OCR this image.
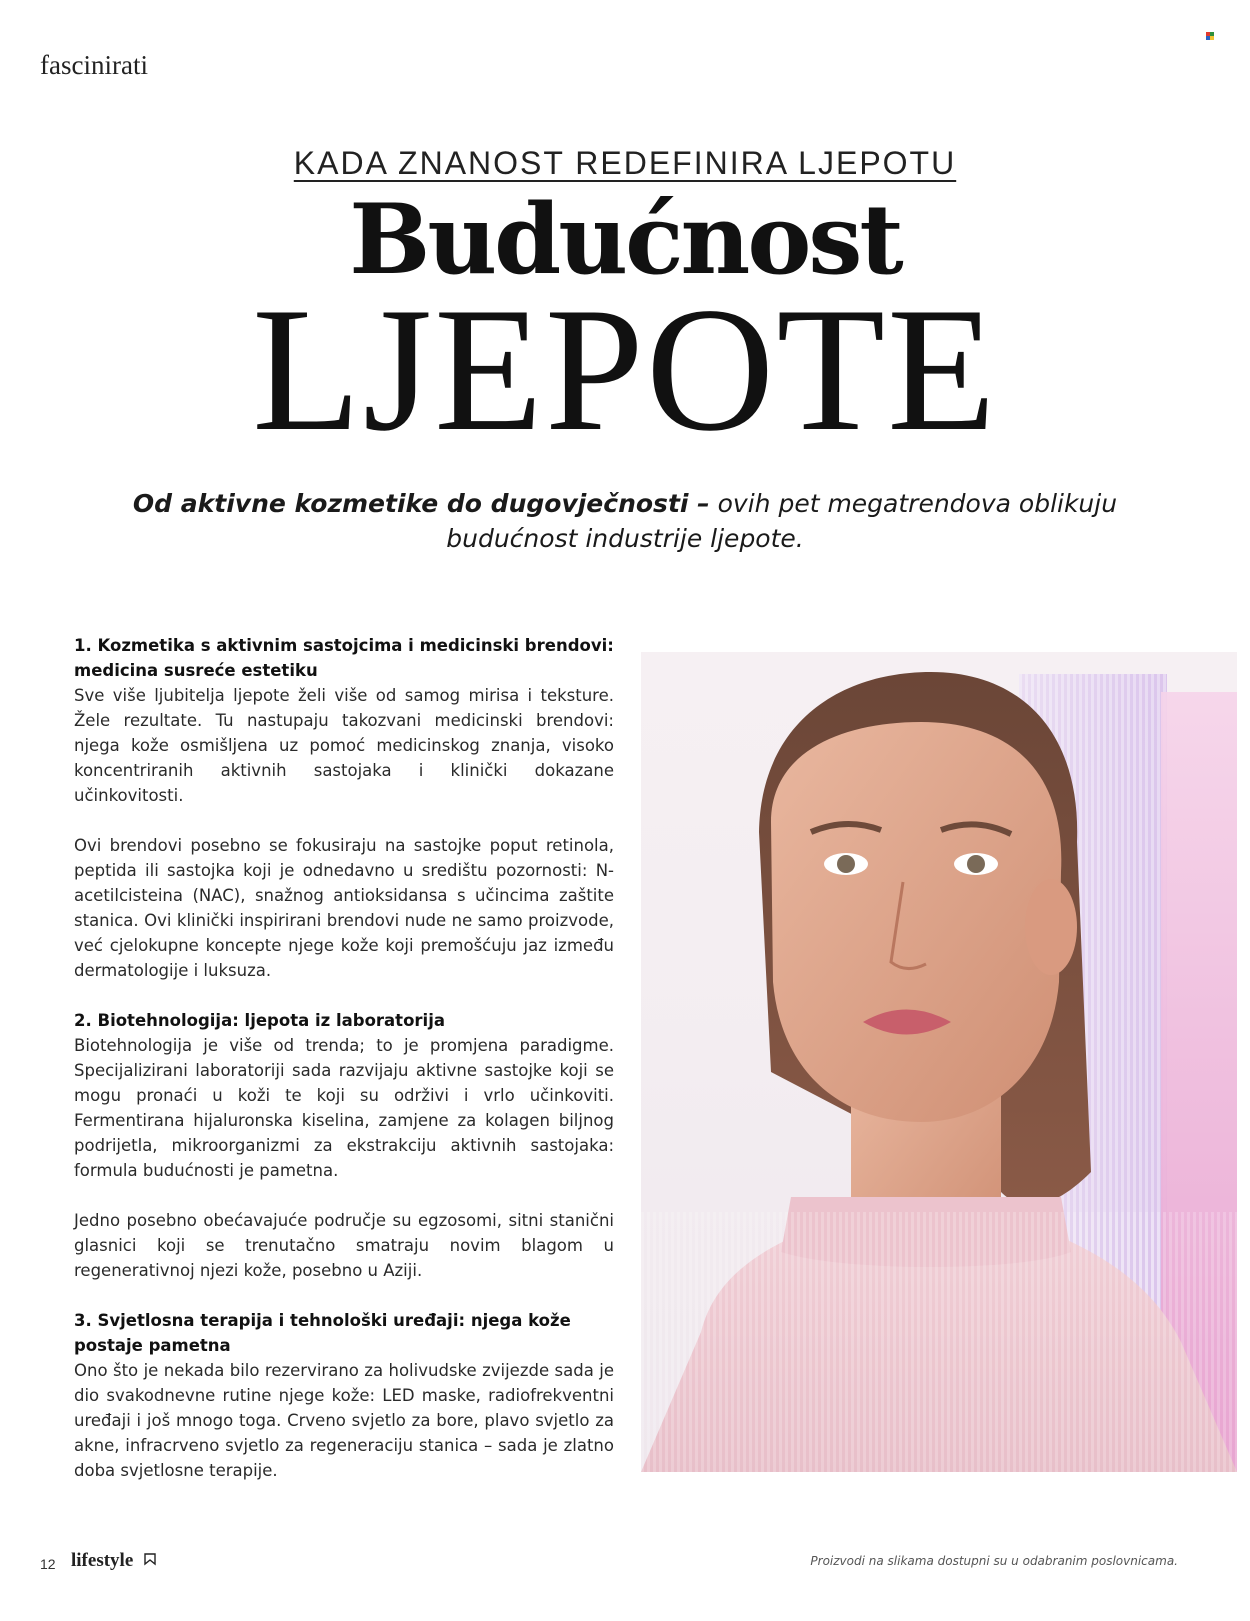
fascinirati
KADA ZNANOST REDEFINIRA LJEPOTU
Budućnost
LJEPOTE
Od aktivne kozmetike do dugovječnosti – ovih pet megatrendova oblikuju budućnost industrije ljepote.
1. Kozmetika s aktivnim sastojcima i medicinski brendovi: medicina susreće estetiku

Sve više ljubitelja ljepote želi više od samog mirisa i teksture. Žele rezultate. Tu nastupaju takozvani medicinski brendovi: njega kože osmišljena uz pomoć medicinskog znanja, visoko koncentriranih aktivnih sastojaka i klinički dokazane učinkovitosti.

Ovi brendovi posebno se fokusiraju na sastojke poput retinola, peptida ili sastojka koji je odnedavno u središtu pozornosti: N-acetilcisteina (NAC), snažnog antioksidansa s učincima zaštite stanica. Ovi klinički inspirirani brendovi nude ne samo proizvode, već cjelokupne koncepte njege kože koji premošćuju jaz između dermatologije i luksuza.

2. Biotehnologija: ljepota iz laboratorija

Biotehnologija je više od trenda; to je promjena paradigme. Specijalizirani laboratoriji sada razvijaju aktivne sastojke koji se mogu pronaći u koži te koji su održivi i vrlo učinkoviti. Fermentirana hijaluronska kiselina, zamjene za kolagen biljnog podrijetla, mikroorganizmi za ekstrakciju aktivnih sastojaka: formula budućnosti je pametna.

Jedno posebno obećavajuće područje su egzosomi, sitni stanični glasnici koji se trenutačno smatraju novim blagom u regenerativnoj njezi kože, posebno u Aziji.

3. Svjetlosna terapija i tehnološki uređaji: njega kože postaje pametna

Ono što je nekada bilo rezervirano za holivudske zvijezde sada je dio svakodnevne rutine njege kože: LED maske, radiofrekventni uređaji i još mnogo toga. Crveno svjetlo za bore, plavo svjetlo za akne, infracrveno svjetlo za regeneraciju stanica – sada je zlatno doba svjetlosne terapije.

12 lifestyle	Proizvodi na slikama dostupni su u odabranim poslovnicama.
